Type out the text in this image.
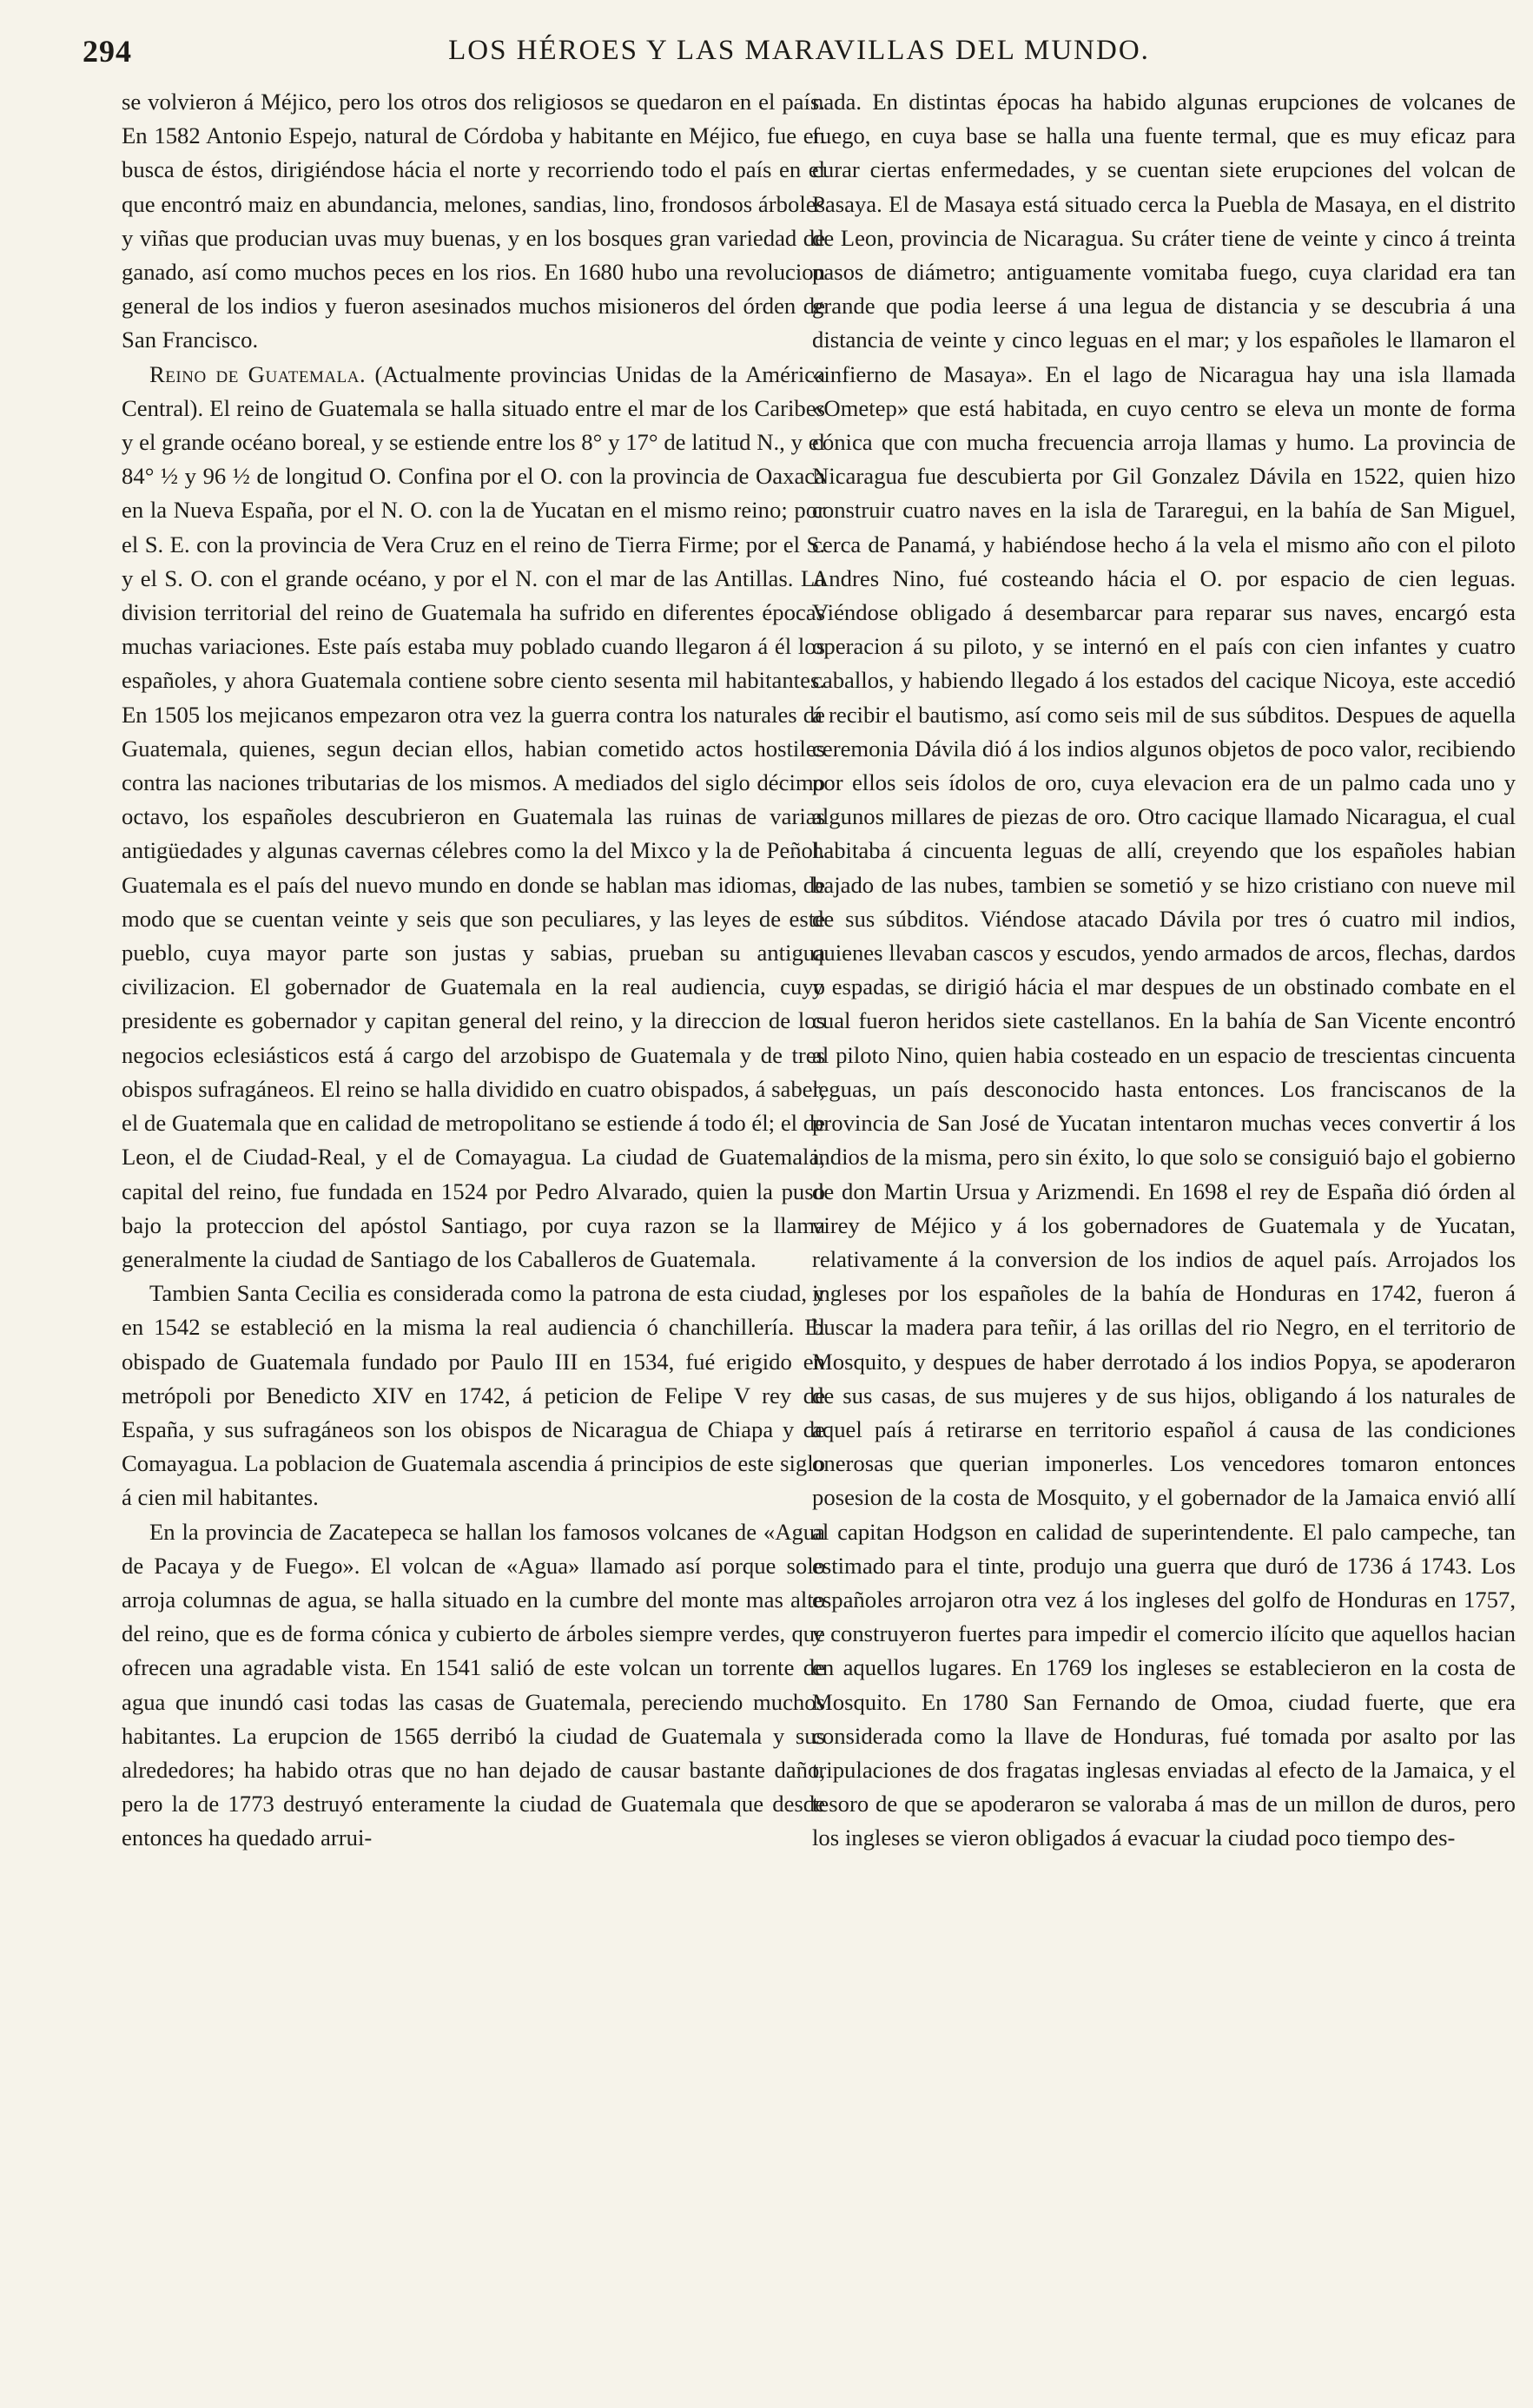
294	LOS HÉROES Y LAS MARAVILLAS DEL MUNDO.

se volvieron á Méjico, pero los otros dos religiosos se quedaron en el país. En 1582 Antonio Espejo, natural de Córdoba y habitante en Méjico, fue en busca de éstos, dirigiéndose hácia el norte y recorriendo todo el país en el que encontró maiz en abundancia, melones, sandias, lino, frondosos árboles y viñas que producian uvas muy buenas, y en los bosques gran variedad de ganado, así como muchos peces en los rios. En 1680 hubo una revolucion general de los indios y fueron asesinados muchos misioneros del órden de San Francisco.

Reino de Guatemala. (Actualmente provincias Unidas de la América Central). El reino de Guatemala se halla situado entre el mar de los Caribes y el grande océano boreal, y se estiende entre los 8° y 17° de latitud N., y el 84° ½ y 96 ½ de longitud O. Confina por el O. con la provincia de Oaxaca en la Nueva España, por el N. O. con la de Yucatan en el mismo reino; por el S. E. con la provincia de Vera Cruz en el reino de Tierra Firme; por el S. y el S. O. con el grande océano, y por el N. con el mar de las Antillas. La division territorial del reino de Guatemala ha sufrido en diferentes épocas muchas variaciones. Este país estaba muy poblado cuando llegaron á él los españoles, y ahora Guatemala contiene sobre ciento sesenta mil habitantes. En 1505 los mejicanos empezaron otra vez la guerra contra los naturales de Guatemala, quienes, segun decian ellos, habian cometido actos hostiles contra las naciones tributarias de los mismos. A mediados del siglo décimo octavo, los españoles descubrieron en Guatemala las ruinas de varias antigüedades y algunas cavernas célebres como la del Mixco y la de Peñol. Guatemala es el país del nuevo mundo en donde se hablan mas idiomas, de modo que se cuentan veinte y seis que son peculiares, y las leyes de este pueblo, cuya mayor parte son justas y sabias, prueban su antigua civilizacion. El gobernador de Guatemala en la real audiencia, cuyo presidente es gobernador y capitan general del reino, y la direccion de los negocios eclesiásticos está á cargo del arzobispo de Guatemala y de tres obispos sufragáneos. El reino se halla dividido en cuatro obispados, á saber, el de Guatemala que en calidad de metropolitano se estiende á todo él; el de Leon, el de Ciudad-Real, y el de Comayagua. La ciudad de Guatemala, capital del reino, fue fundada en 1524 por Pedro Alvarado, quien la puso bajo la proteccion del apóstol Santiago, por cuya razon se la llama generalmente la ciudad de Santiago de los Caballeros de Guatemala.

Tambien Santa Cecilia es considerada como la patrona de esta ciudad, y en 1542 se estableció en la misma la real audiencia ó chanchillería. El obispado de Guatemala fundado por Paulo III en 1534, fué erigido en metrópoli por Benedicto XIV en 1742, á peticion de Felipe V rey de España, y sus sufragáneos son los obispos de Nicaragua de Chiapa y de Comayagua. La poblacion de Guatemala ascendia á principios de este siglo á cien mil habitantes.

En la provincia de Zacatepeca se hallan los famosos volcanes de «Agua de Pacaya y de Fuego». El volcan de «Agua» llamado así porque solo arroja columnas de agua, se halla situado en la cumbre del monte mas alto del reino, que es de forma cónica y cubierto de árboles siempre verdes, que ofrecen una agradable vista. En 1541 salió de este volcan un torrente de agua que inundó casi todas las casas de Guatemala, pereciendo muchos habitantes. La erupcion de 1565 derribó la ciudad de Guatemala y sus alrededores; ha habido otras que no han dejado de causar bastante daño, pero la de 1773 destruyó enteramente la ciudad de Guatemala que desde entonces ha quedado arrui-

nada. En distintas épocas ha habido algunas erupciones de volcanes de fuego, en cuya base se halla una fuente termal, que es muy eficaz para curar ciertas enfermedades, y se cuentan siete erupciones del volcan de Pasaya. El de Masaya está situado cerca la Puebla de Masaya, en el distrito de Leon, provincia de Nicaragua. Su cráter tiene de veinte y cinco á treinta pasos de diámetro; antiguamente vomitaba fuego, cuya claridad era tan grande que podia leerse á una legua de distancia y se descubria á una distancia de veinte y cinco leguas en el mar; y los españoles le llamaron el «infierno de Masaya». En el lago de Nicaragua hay una isla llamada «Ometep» que está habitada, en cuyo centro se eleva un monte de forma cónica que con mucha frecuencia arroja llamas y humo. La provincia de Nicaragua fue descubierta por Gil Gonzalez Dávila en 1522, quien hizo construir cuatro naves en la isla de Tararegui, en la bahía de San Miguel, cerca de Panamá, y habiéndose hecho á la vela el mismo año con el piloto Andres Nino, fué costeando hácia el O. por espacio de cien leguas. Viéndose obligado á desembarcar para reparar sus naves, encargó esta operacion á su piloto, y se internó en el país con cien infantes y cuatro caballos, y habiendo llegado á los estados del cacique Nicoya, este accedió á recibir el bautismo, así como seis mil de sus súbditos. Despues de aquella ceremonia Dávila dió á los indios algunos objetos de poco valor, recibiendo por ellos seis ídolos de oro, cuya elevacion era de un palmo cada uno y algunos millares de piezas de oro. Otro cacique llamado Nicaragua, el cual habitaba á cincuenta leguas de allí, creyendo que los españoles habian bajado de las nubes, tambien se sometió y se hizo cristiano con nueve mil de sus súbditos. Viéndose atacado Dávila por tres ó cuatro mil indios, quienes llevaban cascos y escudos, yendo armados de arcos, flechas, dardos y espadas, se dirigió hácia el mar despues de un obstinado combate en el cual fueron heridos siete castellanos. En la bahía de San Vicente encontró al piloto Nino, quien habia costeado en un espacio de trescientas cincuenta leguas, un país desconocido hasta entonces. Los franciscanos de la provincia de San José de Yucatan intentaron muchas veces convertir á los indios de la misma, pero sin éxito, lo que solo se consiguió bajo el gobierno de don Martin Ursua y Arizmendi. En 1698 el rey de España dió órden al virey de Méjico y á los gobernadores de Guatemala y de Yucatan, relativamente á la conversion de los indios de aquel país. Arrojados los ingleses por los españoles de la bahía de Honduras en 1742, fueron á buscar la madera para teñir, á las orillas del rio Negro, en el territorio de Mosquito, y despues de haber derrotado á los indios Popya, se apoderaron de sus casas, de sus mujeres y de sus hijos, obligando á los naturales de aquel país á retirarse en territorio español á causa de las condiciones onerosas que querian imponerles. Los vencedores tomaron entonces posesion de la costa de Mosquito, y el gobernador de la Jamaica envió allí al capitan Hodgson en calidad de superintendente. El palo campeche, tan estimado para el tinte, produjo una guerra que duró de 1736 á 1743. Los españoles arrojaron otra vez á los ingleses del golfo de Honduras en 1757, y construyeron fuertes para impedir el comercio ilícito que aquellos hacian en aquellos lugares. En 1769 los ingleses se establecieron en la costa de Mosquito. En 1780 San Fernando de Omoa, ciudad fuerte, que era considerada como la llave de Honduras, fué tomada por asalto por las tripulaciones de dos fragatas inglesas enviadas al efecto de la Jamaica, y el tesoro de que se apoderaron se valoraba á mas de un millon de duros, pero los ingleses se vieron obligados á evacuar la ciudad poco tiempo des-
